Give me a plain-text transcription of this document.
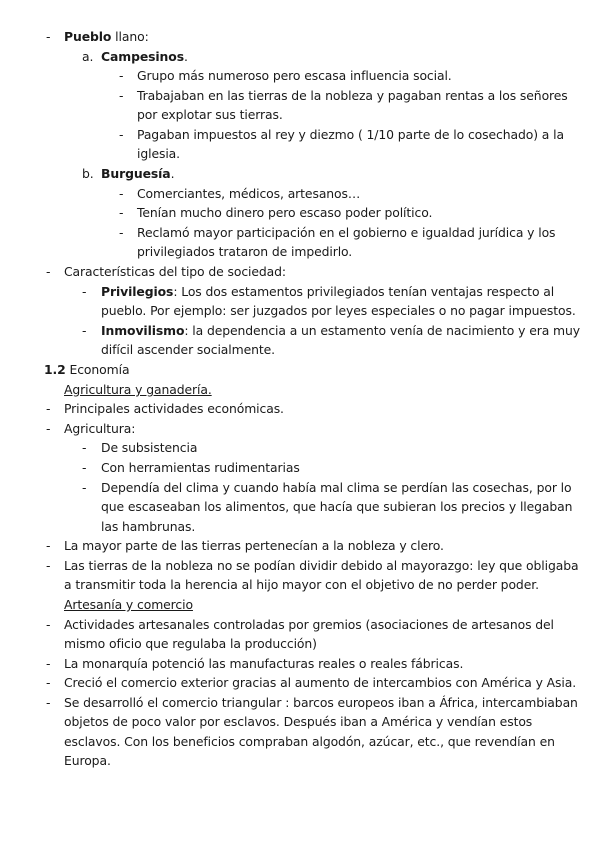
- Pueblo llano:
a. Campesinos.
- Grupo más numeroso pero escasa influencia social.
- Trabajaban en las tierras de la nobleza y pagaban rentas a los señores
por explotar sus tierras.
- Pagaban impuestos al rey y diezmo ( 1/10 parte de lo cosechado) a la
iglesia.
b. Burguesía.
- Comerciantes, médicos, artesanos…
- Tenían mucho dinero pero escaso poder político.
- Reclamó mayor participación en el gobierno e igualdad jurídica y los
privilegiados trataron de impedirlo.
- Características del tipo de sociedad:
- Privilegios: Los dos estamentos privilegiados tenían ventajas respecto al
pueblo. Por ejemplo: ser juzgados por leyes especiales o no pagar impuestos.
- Inmovilismo: la dependencia a un estamento venía de nacimiento y era muy
difícil ascender socialmente.
1.2 Economía
Agricultura y ganadería.
- Principales actividades económicas.
- Agricultura:
- De subsistencia
- Con herramientas rudimentarias
- Dependía del clima y cuando había mal clima se perdían las cosechas, por lo
que escaseaban los alimentos, que hacía que subieran los precios y llegaban
las hambrunas.
- La mayor parte de las tierras pertenecían a la nobleza y clero.
- Las tierras de la nobleza no se podían dividir debido al mayorazgo: ley que obligaba
a transmitir toda la herencia al hijo mayor con el objetivo de no perder poder.
Artesanía y comercio
- Actividades artesanales controladas por gremios (asociaciones de artesanos del
mismo oficio que regulaba la producción)
- La monarquía potenció las manufacturas reales o reales fábricas.
- Creció el comercio exterior gracias al aumento de intercambios con América y Asia.
- Se desarrolló el comercio triangular : barcos europeos iban a África, intercambiaban
objetos de poco valor por esclavos. Después iban a América y vendían estos
esclavos. Con los beneficios compraban algodón, azúcar, etc., que revendían en
Europa.
